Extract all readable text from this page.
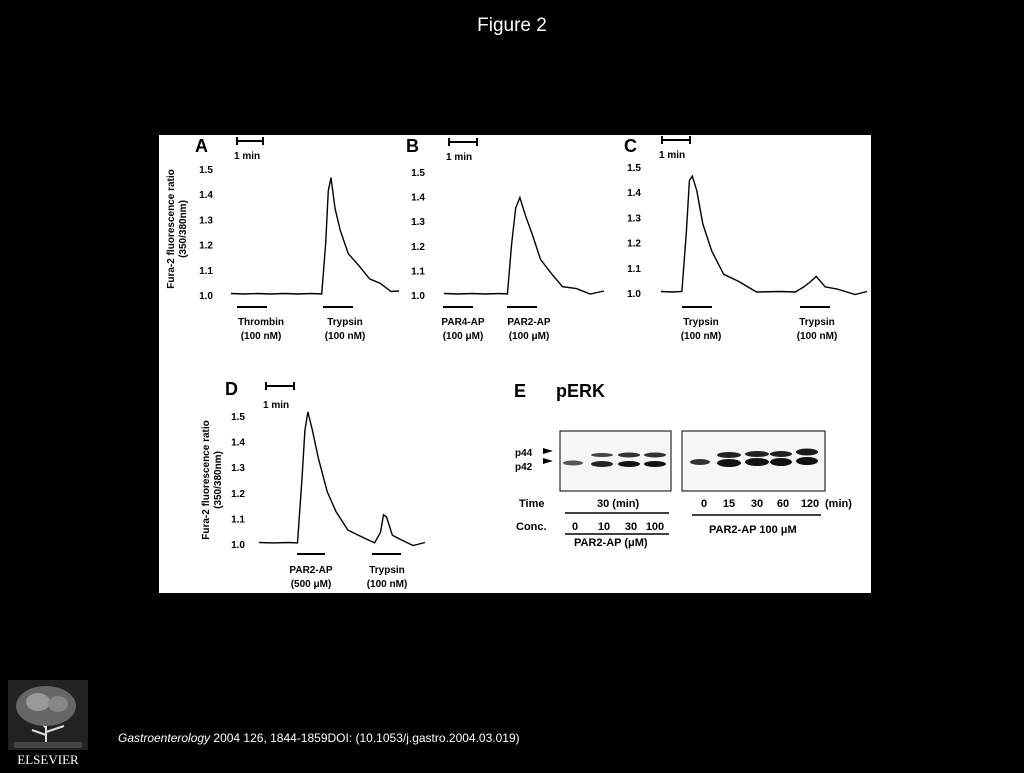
Figure 2
A	B	C
D	E
1 min	1 min	1 min
1 min
Fura-2 fluorescence ratio (350/380nm)
Fura-2 fluorescence ratio (350/380nm)
1.0
1.1
1.2
1.3
1.4
1.5
1.0
1.1
1.2
1.3
1.4
1.5
1.0
1.1
1.2
1.3
1.4
1.5
1.0
1.1
1.2
1.3
1.4
1.5
Thrombin
(100 nM)
Trypsin
(100 nM)
PAR4-AP
(100 μM)
PAR2-AP
(100 μM)
Trypsin
(100 nM)
Trypsin
(100 nM)
PAR2-AP
(500 μM)
Trypsin
(100 nM)
pERK
p44
p42
Time	30 (min)
Conc. 0 10 30 100
PAR2-AP (μM)
0 15 30 60 120 (min)
PAR2-AP 100 μM
ELSEVIER
Gastroenterology 2004 126, 1844-1859DOI: (10.1053/j.gastro.2004.03.019)
